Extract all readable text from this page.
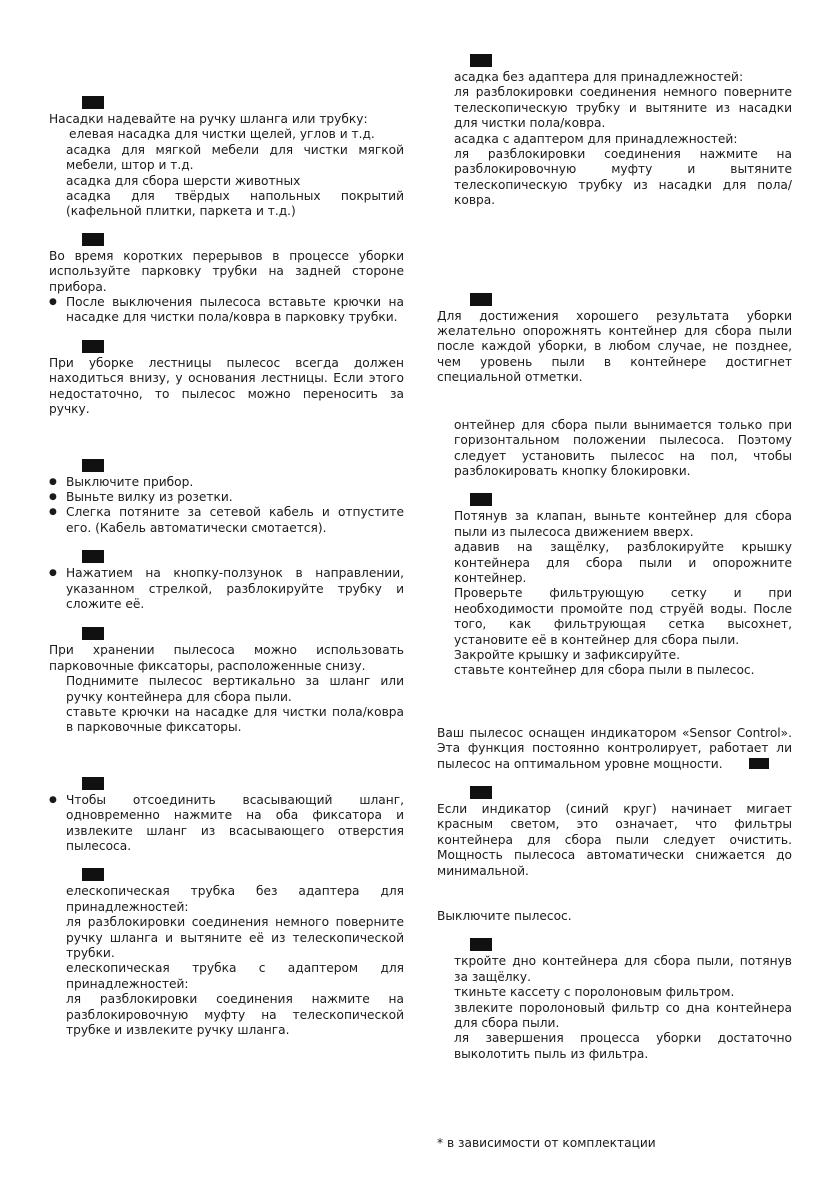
Насадки надевайте на ручку шланга или трубку:

елевая насадка для чистки щелей, углов и т.д.

асадка для мягкой мебели для чистки мягкой мебели, штор и т.д.

асадка для сбора шерсти животных

асадка для твёрдых напольных покрытий (кафельной плитки, паркета и т.д.)

Во время коротких перерывов в процессе уборки используйте парковку трубки на задней стороне прибора.

● После выключения пылесоса вставьте крючки на насадке для чистки пола/ковра в парковку трубки.

При уборке лестницы пылесос всегда должен находиться внизу, у основания лестницы. Если этого недостаточно, то пылесос можно переносить за ручку.

● Выключите прибор.

● Выньте вилку из розетки.

● Слегка потяните за сетевой кабель и отпустите его. (Кабель автоматически смотается).

● Нажатием на кнопку-ползунок в направлении, указанном стрелкой, разблокируйте трубку и сложите её.

При хранении пылесоса можно использовать парковочные фиксаторы, расположенные снизу.

Поднимите пылесос вертикально за шланг или ручку контейнера для сбора пыли.

ставьте крючки на насадке для чистки пола/ковра в парковочные фиксаторы.

● Чтобы отсоединить всасывающий шланг, одновременно нажмите на оба фиксатора и извлеките шланг из всасывающего отверстия пылесоса.

елескопическая трубка без адаптера для принадлежностей:

ля разблокировки соединения немного поверните ручку шланга и вытяните её из телескопической трубки.

елескопическая трубка с адаптером для принадлежностей:

ля разблокировки соединения нажмите на разблокировочную муфту на телескопической трубке и извлеките ручку шланга.

асадка без адаптера для принадлежностей:

ля разблокировки соединения немного поверните телескопическую трубку и вытяните из насадки для чистки пола/ковра.

асадка с адаптером для принадлежностей:

ля разблокировки соединения нажмите на разблокировочную муфту и вытяните телескопическую трубку из насадки для пола/ковра.

Для достижения хорошего результата уборки желательно опорожнять контейнер для сбора пыли после каждой уборки, в любом случае, не позднее, чем уровень пыли в контейнере достигнет специальной отметки.

онтейнер для сбора пыли вынимается только при горизонтальном положении пылесоса. Поэтому следует установить пылесос на пол, чтобы разблокировать кнопку блокировки.

Потянув за клапан, выньте контейнер для сбора пыли из пылесоса движением вверх.

адавив на защёлку, разблокируйте крышку контейнера для сбора пыли и опорожните контейнер.

Проверьте фильтрующую сетку и при необходимости промойте под струёй воды. После того, как фильтрующая сетка высохнет, установите её в контейнер для сбора пыли.

Закройте крышку и зафиксируйте.

ставьте контейнер для сбора пыли в пылесос.

Ваш пылесос оснащен индикатором «Sensor Control». Эта функция постоянно контролирует, работает ли пылесос на оптимальном уровне мощности.

Если индикатор (синий круг) начинает мигает красным светом, это означает, что фильтры контейнера для сбора пыли следует очистить. Мощность пылесоса автоматически снижается до минимальной.

Выключите пылесос.

ткройте дно контейнера для сбора пыли, потянув за защёлку.

ткиньте кассету с поролоновым фильтром.

звлеките поролоновый фильтр со дна контейнера для сбора пыли.

ля завершения процесса уборки достаточно выколотить пыль из фильтра.

* в зависимости от комплектации
